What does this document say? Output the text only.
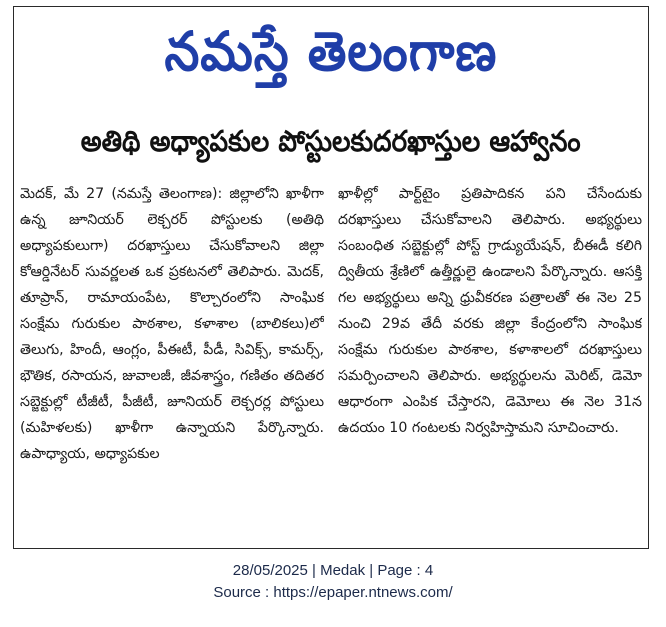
నమస్తే తెలంగాణ
అతిథి అధ్యాపకుల పోస్టులకుదరఖాస్తుల ఆహ్వానం
మెదక్, మే 27 (నమస్తే తెలంగాణ): జిల్లాలోని ఖాళీగా ఉన్న జూనియర్ లెక్చరర్ పోస్టులకు (అతిథి అధ్యాపకులుగా) దరఖాస్తులు చేసుకోవాలని జిల్లా కోఆర్డినేటర్ సువర్ణలత ఒక ప్రకటనలో తెలిపారు. మెదక్, తూప్రాన్, రామాయంపేట, కొల్చారంలోని సాంఘిక సంక్షేమ గురుకుల పాఠశాల, కళాశాల (బాలికలు)లో తెలుగు, హిందీ, ఆంగ్లం, పీఈటీ, పీడీ, సివిక్స్, కామర్స్, భౌతిక, రసాయన, జువాలజీ, జీవశాస్త్రం, గణితం తదితర సబ్జెక్టుల్లో టీజీటీ, పీజీటీ, జూనియర్ లెక్చరర్ల పోస్టులు (మహిళలకు) ఖాళీగా ఉన్నాయని పేర్కొన్నారు. ఉపాధ్యాయ, అధ్యాపకుల
ఖాళీల్లో పార్ట్‌టైం ప్రతిపాదికన పని చేసేందుకు దరఖాస్తులు చేసుకోవాలని తెలిపారు. అభ్యర్థులు సంబంధిత సబ్జెక్టుల్లో పోస్ట్ గ్రాడ్యుయేషన్, బీఈడీ కలిగి ద్వితీయ శ్రేణిలో ఉత్తీర్ణులై ఉండాలని పేర్కొన్నారు. ఆసక్తి గల అభ్యర్థులు అన్ని ధ్రువీకరణ పత్రాలతో ఈ నెల 25 నుంచి 29వ తేదీ వరకు జిల్లా కేంద్రంలోని సాంఘిక సంక్షేమ గురుకుల పాఠశాల, కళాశాలలో దరఖాస్తులు సమర్పించాలని తెలిపారు. అభ్యర్థులను మెరిట్, డెమో ఆధారంగా ఎంపిక చేస్తారని, డెమోలు ఈ నెల 31న ఉదయం 10 గంటలకు నిర్వహిస్తామని సూచించారు.
28/05/2025 | Medak | Page : 4
Source : https://epaper.ntnews.com/
